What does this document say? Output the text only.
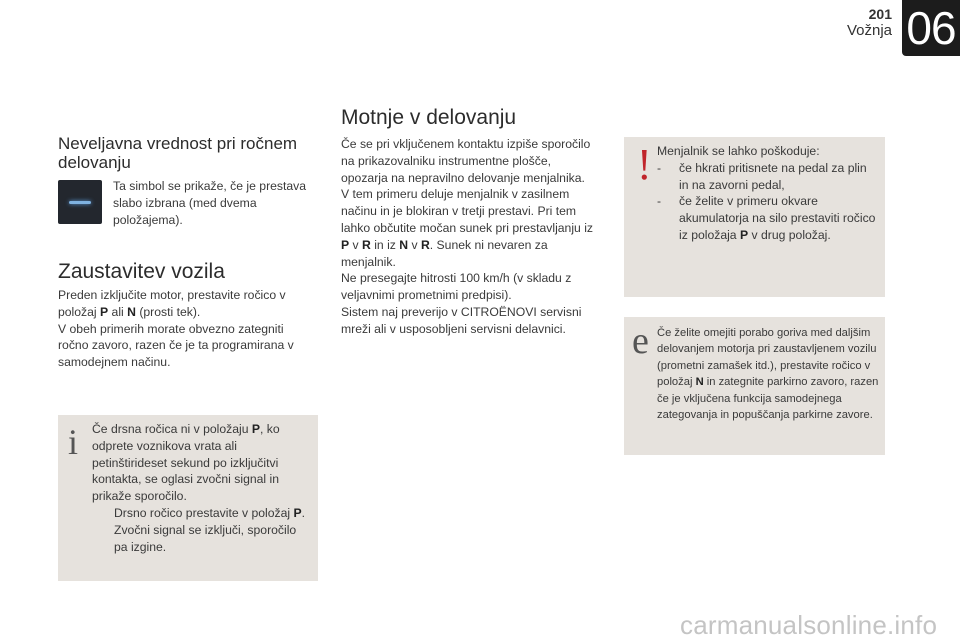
201
Vožnja 06
Neveljavna vrednost pri ročnem delovanju

Ta simbol se prikaže, če je prestava slabo izbrana (med dvema položajema).

Zaustavitev vozila
Preden izključite motor, prestavite ročico v položaj P ali N (prosti tek).
V obeh primerih morate obvezno zategniti ročno zavoro, razen če je ta programirana v samodejnem načinu.
i Če drsna ročica ni v položaju P, ko odprete voznikova vrata ali petinštirideset sekund po izključitvi kontakta, se oglasi zvočni signal in prikaže sporočilo.
Drsno ročico prestavite v položaj P. Zvočni signal se izključi, sporočilo pa izgine.
Motnje v delovanju
Če se pri vključenem kontaktu izpiše sporočilo na prikazovalniku instrumentne plošče, opozarja na nepravilno delovanje menjalnika.
V tem primeru deluje menjalnik v zasilnem načinu in je blokiran v tretji prestavi. Pri tem lahko občutite močan sunek pri prestavljanju iz P v R in iz N v R. Sunek ni nevaren za menjalnik.
Ne presegajte hitrosti 100 km/h (v skladu z veljavnimi prometnimi predpisi).
Sistem naj preverijo v CITROËNOVI servisni mreži ali v usposobljeni servisni delavnici.
! Menjalnik se lahko poškoduje:
-	če hkrati pritisnete na pedal za plin in na zavorni pedal,
-	če želite v primeru okvare akumulatorja na silo prestaviti ročico iz položaja P v drug položaj.
e Če želite omejiti porabo goriva med daljšim delovanjem motorja pri zaustavljenem vozilu (prometni zamašek itd.), prestavite ročico v položaj N in zategnite parkirno zavoro, razen če je vključena funkcija samodejnega zategovanja in popuščanja parkirne zavore.
carmanualsonline.info
